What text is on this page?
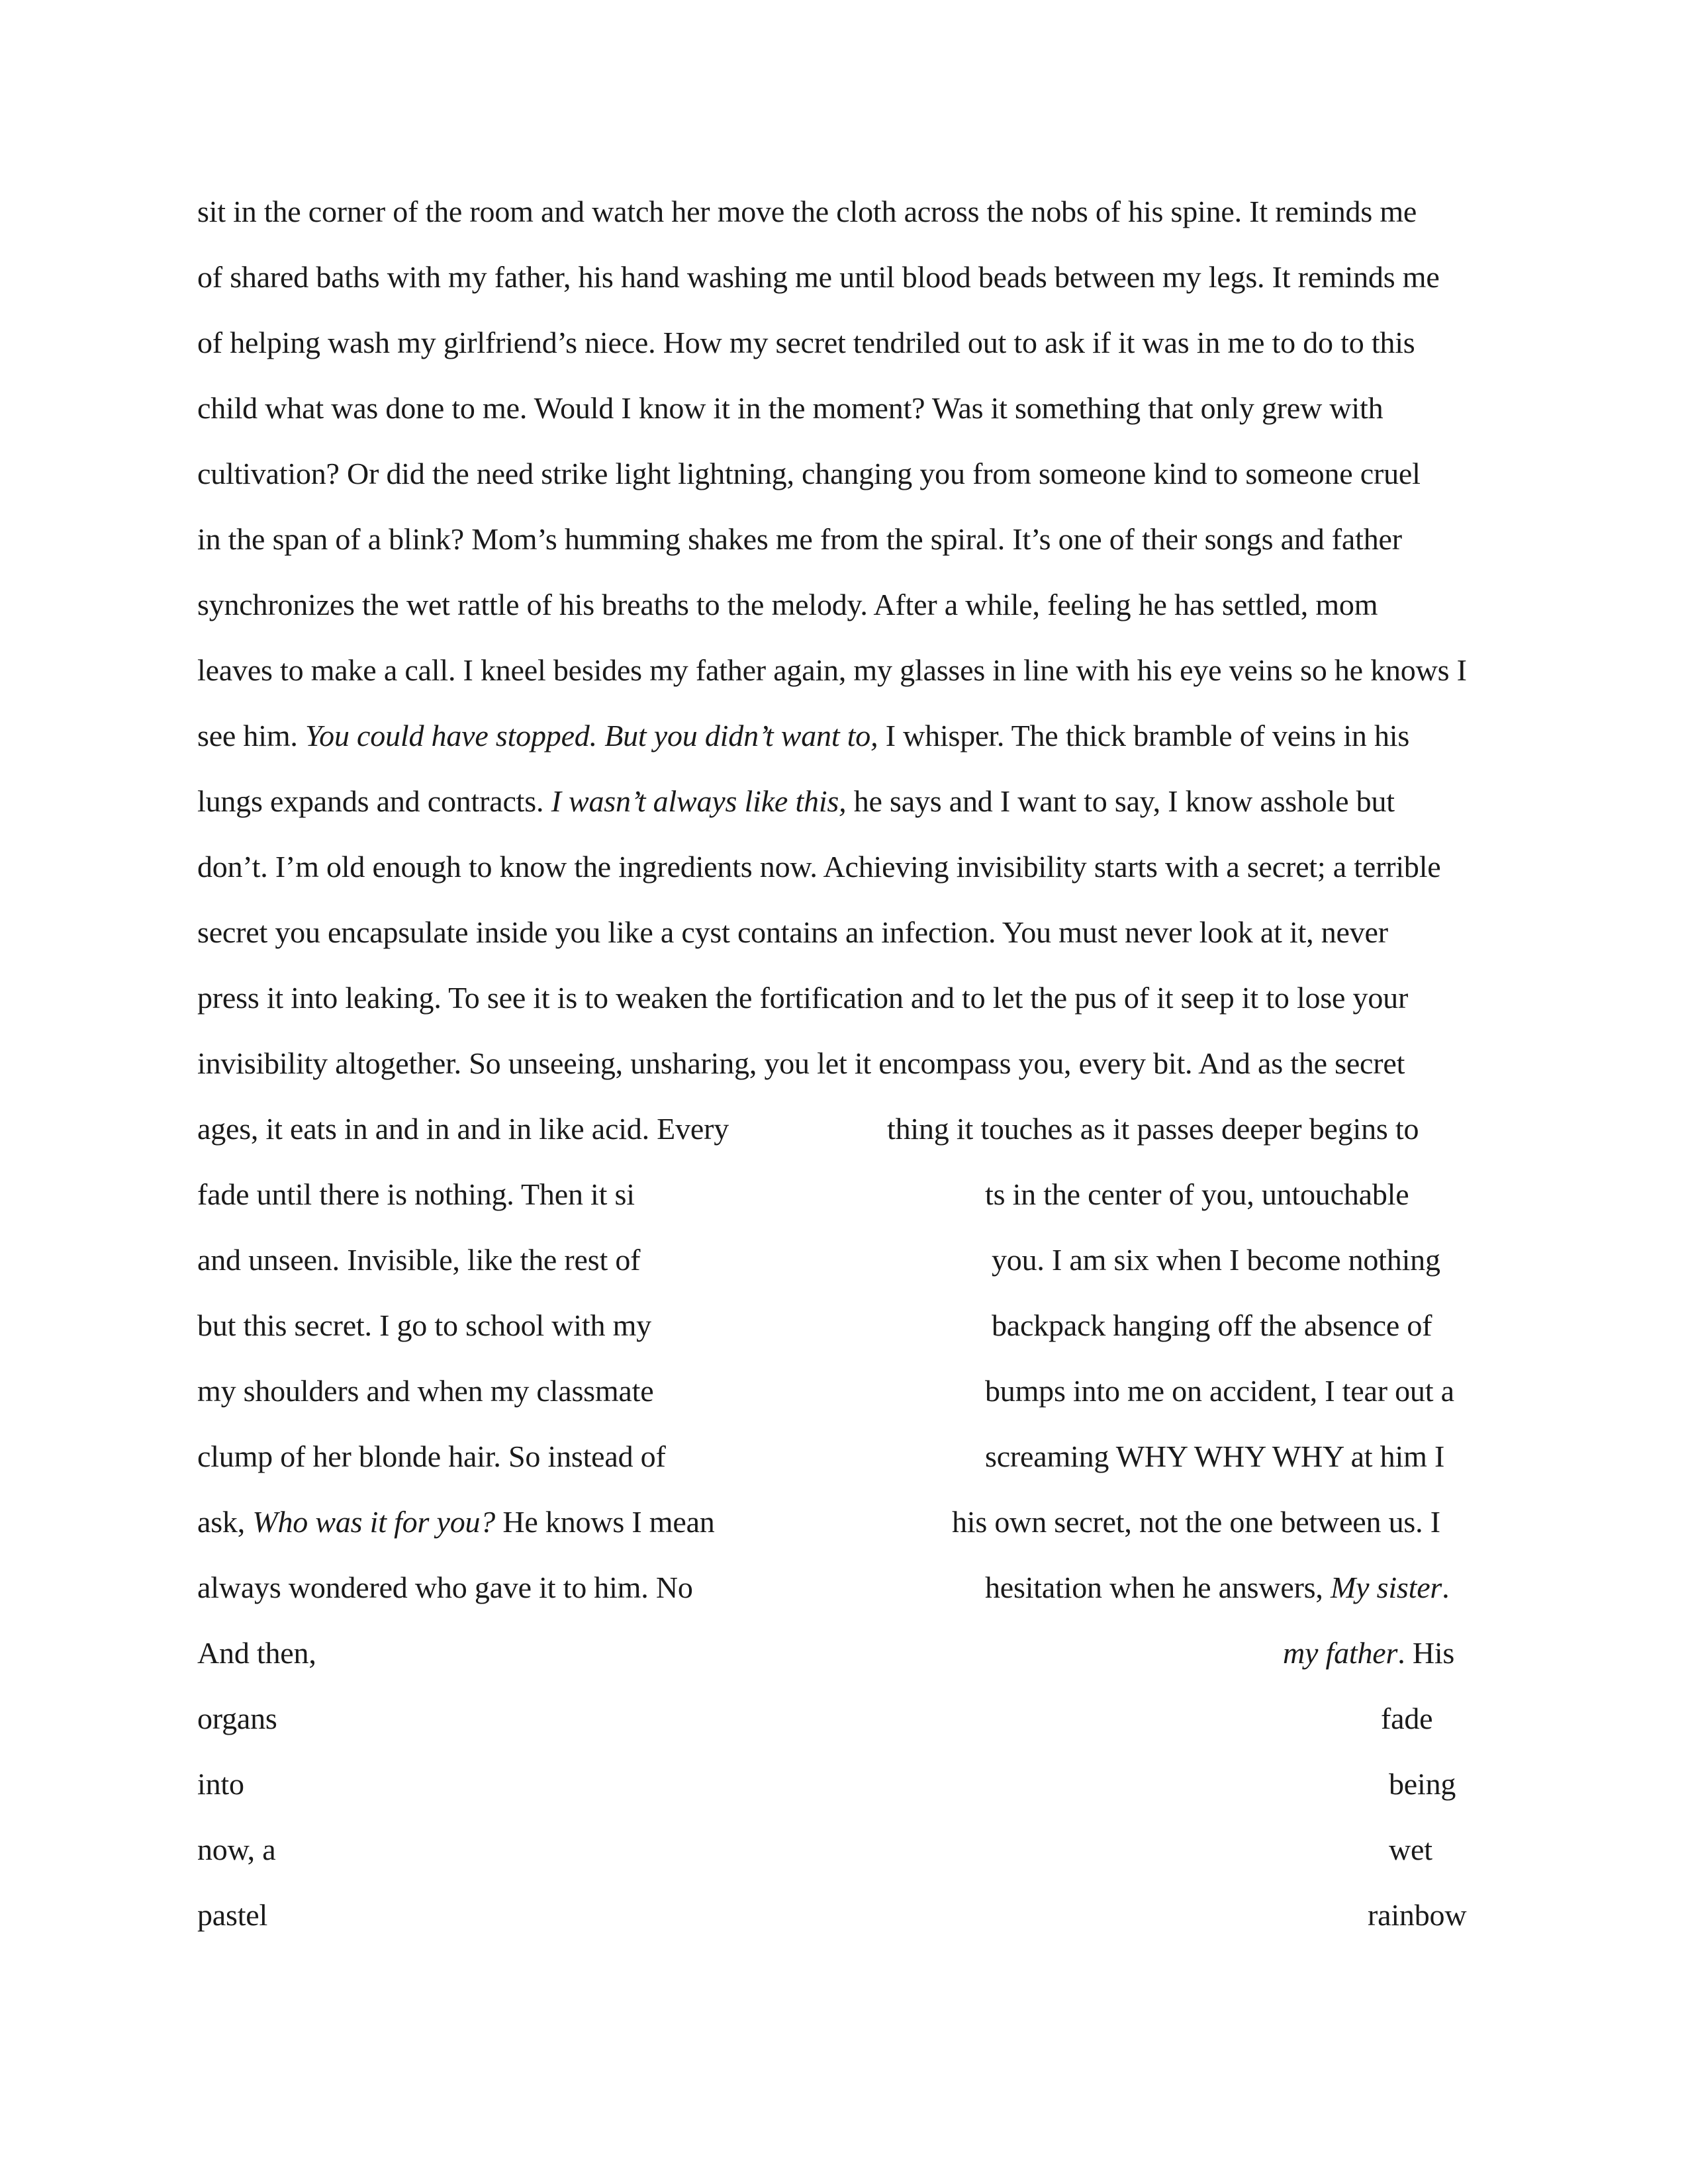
sit in the corner of the room and watch her move the cloth across the nobs of his spine. It reminds me
of shared baths with my father, his hand washing me until blood beads between my legs. It reminds me
of helping wash my girlfriend’s niece. How my secret tendriled out to ask if it was in me to do to this
child what was done to me. Would I know it in the moment? Was it something that only grew with
cultivation? Or did the need strike light lightning, changing you from someone kind to someone cruel
in the span of a blink? Mom’s humming shakes me from the spiral. It’s one of their songs and father
synchronizes the wet rattle of his breaths to the melody. After a while, feeling he has settled, mom
leaves to make a call. I kneel besides my father again, my glasses in line with his eye veins so he knows I
see him. You could have stopped. But you didn’t want to, I whisper. The thick bramble of veins in his
lungs expands and contracts. I wasn’t always like this, he says and I want to say, I know asshole but
don’t. I’m old enough to know the ingredients now. Achieving invisibility starts with a secret; a terrible
secret you encapsulate inside you like a cyst contains an infection. You must never look at it, never
press it into leaking. To see it is to weaken the fortification and to let the pus of it seep it to lose your
invisibility altogether. So unseeing, unsharing, you let it encompass you, every bit. And as the secret
ages, it eats in and in and in like acid. Every	thing it touches as it passes deeper begins to
fade until there is nothing. Then it si	ts in the center of you, untouchable
and unseen. Invisible, like the rest of	you. I am six when I become nothing
but this secret. I go to school with my	backpack hanging off the absence of
my shoulders and when my classmate	bumps into me on accident, I tear out a
clump of her blonde hair. So instead of	screaming WHY WHY WHY at him I
ask, Who was it for you? He knows I mean	his own secret, not the one between us. I
always wondered who gave it to him. No	hesitation when he answers, My sister.
And then,	my father. His
organs	fade
into	being
now, a	wet
pastel	rainbow
